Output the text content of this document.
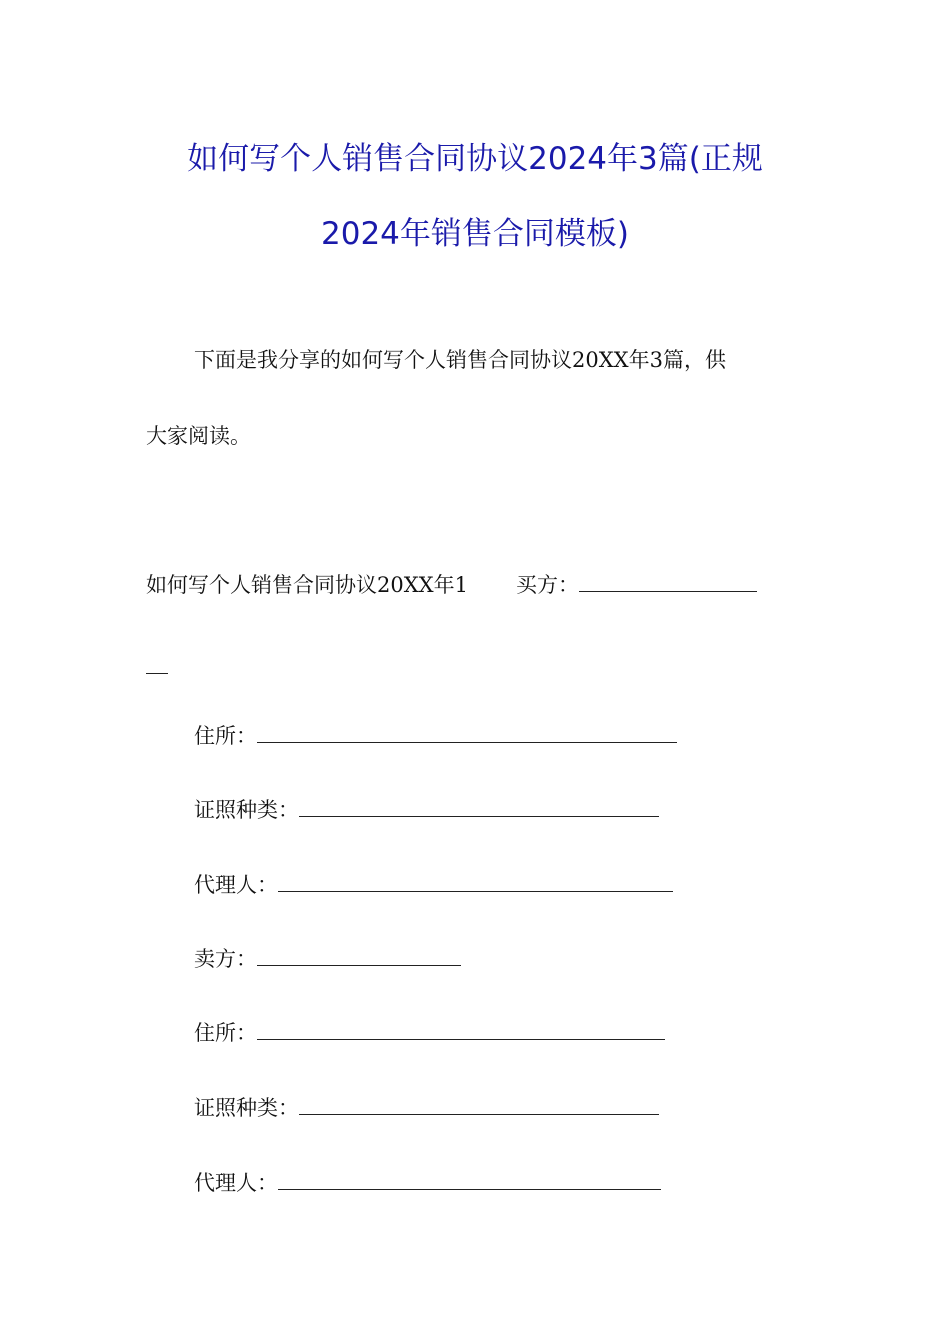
如何写个人销售合同协议2024年3篇(正规
2024年销售合同模板)
下面是我分享的如何写个人销售合同协议20XX年3篇，供
大家阅读。
如何写个人销售合同协议20XX年1 买方：
住所：
证照种类：
代理人：
卖方：
住所：
证照种类：
代理人：
